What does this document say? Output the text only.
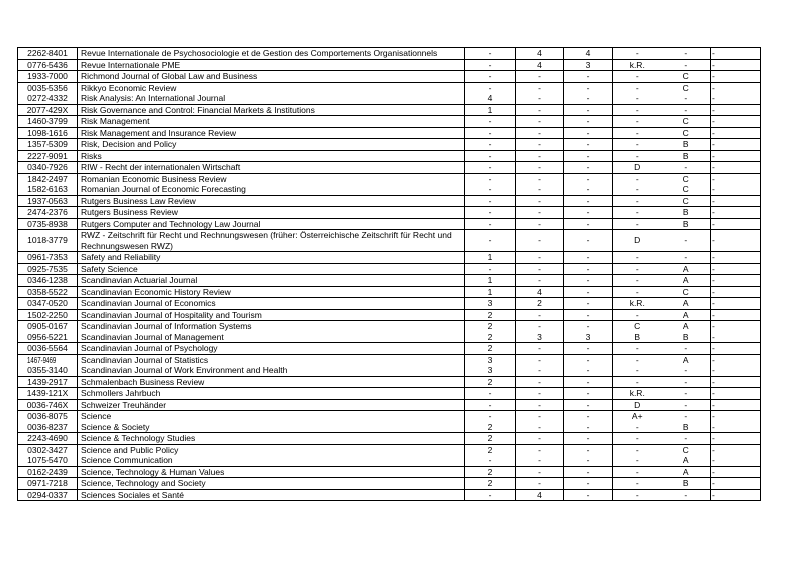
2262-8401	Revue Internationale de Psychosociologie et de Gestion des Comportements Organisationnels	-	4	4	-	-	-
0776-5436	Revue Internationale PME	-	4	3	k.R.	-	-
1933-7000	Richmond Journal of Global Law and Business	-	-	-	-	C	-
0035-5356	Rikkyo Economic Review	-	-	-	-	C	-
0272-4332	Risk Analysis: An International Journal	4	-	-	-	-	-
2077-429X	Risk Governance and Control: Financial Markets & Institutions	1	-	-	-	-	-
1460-3799	Risk Management	-	-	-	-	C	-
1098-1616	Risk Management and Insurance Review	-	-	-	-	C	-
1357-5309	Risk, Decision and Policy	-	-	-	-	B	-
2227-9091	Risks	-	-	-	-	B	-
0340-7926	RIW - Recht der internationalen Wirtschaft	-	-	-	D	-	-
1842-2497	Romanian Economic Business Review	-	-	-	-	C	-
1582-6163	Romanian Journal of Economic Forecasting	-	-	-	-	C	-
1937-0563	Rutgers Business Law Review	-	-	-	-	C	-
2474-2376	Rutgers Business Review	-	-	-	-	B	-
0735-8938	Rutgers Computer and Technology Law Journal	-	-	-	-	B	-
1018-3779	RWZ - Zeitschrift für Recht und Rechnungswesen (früher: Österreichische Zeitschrift für Recht und Rechnungswesen RWZ)	-	-	-	D	-	-
0961-7353	Safety and Reliability	1	-	-	-	-	-
0925-7535	Safety Science	-	-	-	-	A	-
0346-1238	Scandinavian Actuarial Journal	1	-	-	-	A	-
0358-5522	Scandinavian Economic History Review	1	4	-	-	C	-
0347-0520	Scandinavian Journal of Economics	3	2	-	k.R.	A	-
1502-2250	Scandinavian Journal of Hospitality and Tourism	2	-	-	-	A	-
0905-0167	Scandinavian Journal of Information Systems	2	-	-	C	A	-
0956-5221	Scandinavian Journal of Management	2	3	3	B	B	-
0036-5564	Scandinavian Journal of Psychology	2	-	-	-	-	-
1467-9469	Scandinavian Journal of Statistics	3	-	-	-	A	-
0355-3140	Scandinavian Journal of Work Environment and Health	3	-	-	-	-	-
1439-2917	Schmalenbach Business Review	2	-	-	-	-	-
1439-121X	Schmollers Jahrbuch	-	-	-	k.R.	-	-
0036-746X	Schweizer Treuhänder	-	-	-	D	-	-
0036-8075	Science	-	-	-	A+	-	-
0036-8237	Science & Society	2	-	-	-	B	-
2243-4690	Science & Technology Studies	2	-	-	-	-	-
0302-3427	Science and Public Policy	2	-	-	-	C	-
1075-5470	Science Communication	-	-	-	-	A	-
0162-2439	Science, Technology & Human Values	2	-	-	-	A	-
0971-7218	Science, Technology and Society	2	-	-	-	B	-
0294-0337	Sciences Sociales et Santé	-	4	-	-	-	-
